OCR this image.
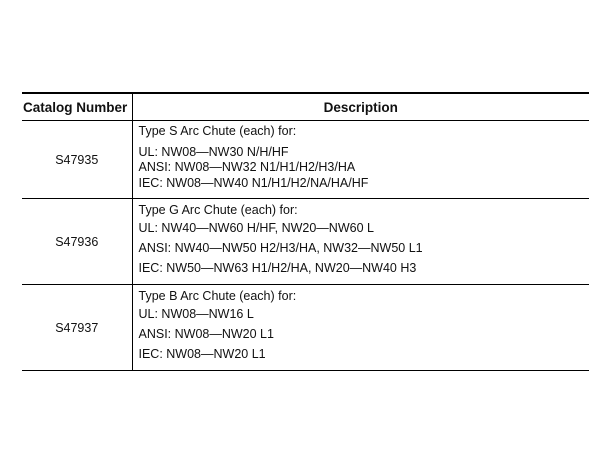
Catalog Number	Description
S47935	Type S Arc Chute (each) for:
UL: NW08—NW30 N/H/HF
ANSI: NW08—NW32 N1/H1/H2/H3/HA
IEC: NW08—NW40 N1/H1/H2/NA/HA/HF

S47936	Type G Arc Chute (each) for:
UL: NW40—NW60 H/HF, NW20—NW60 L
ANSI: NW40—NW50 H2/H3/HA, NW32—NW50 L1
IEC: NW50—NW63 H1/H2/HA, NW20—NW40 H3

S47937	Type B Arc Chute (each) for:
UL: NW08—NW16 L
ANSI: NW08—NW20 L1
IEC: NW08—NW20 L1
